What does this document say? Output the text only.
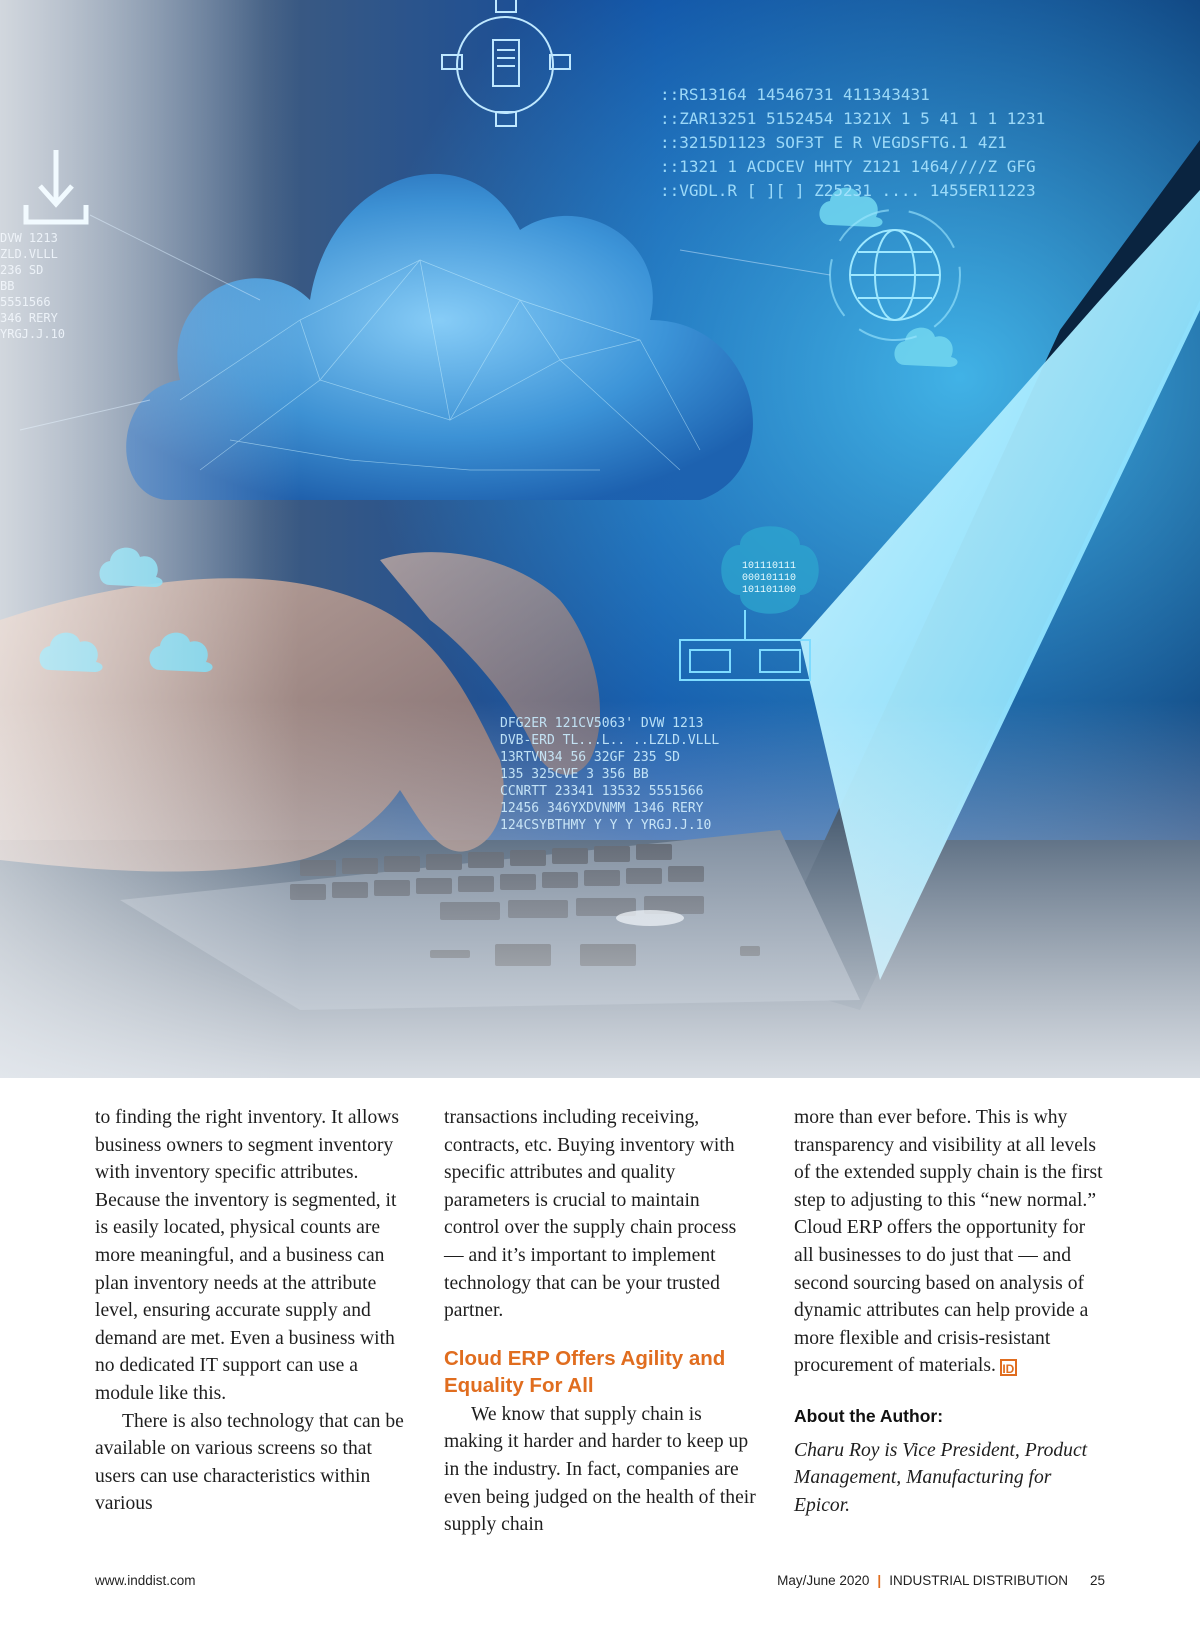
to finding the right inventory. It allows business owners to segment inventory with inventory specific attributes. Because the inventory is segmented, it is easily located, physical counts are more meaningful, and a business can plan inventory needs at the attribute level, ensuring accurate supply and demand are met. Even a business with no dedicated IT support can use a module like this.

There is also technology that can be available on various screens so that users can use characteristics within various

transactions including receiving, contracts, etc. Buying inventory with specific attributes and quality parameters is crucial to maintain control over the supply chain process — and it’s important to implement technology that can be your trusted partner.

Cloud ERP Offers Agility and Equality For All

We know that supply chain is making it harder and harder to keep up in the industry. In fact, companies are even being judged on the health of their supply chain

more than ever before. This is why transparency and visibility at all levels of the extended supply chain is the first step to adjusting to this “new normal.” Cloud ERP offers the opportunity for all businesses to do just that — and second sourcing based on analysis of dynamic attributes can help provide a more flexible and crisis-resistant procurement of materials. ID

About the Author:

Charu Roy is Vice President, Product Management, Manufacturing for Epicor.

www.inddist.com	May/June 2020 | INDUSTRIAL DISTRIBUTION 25
